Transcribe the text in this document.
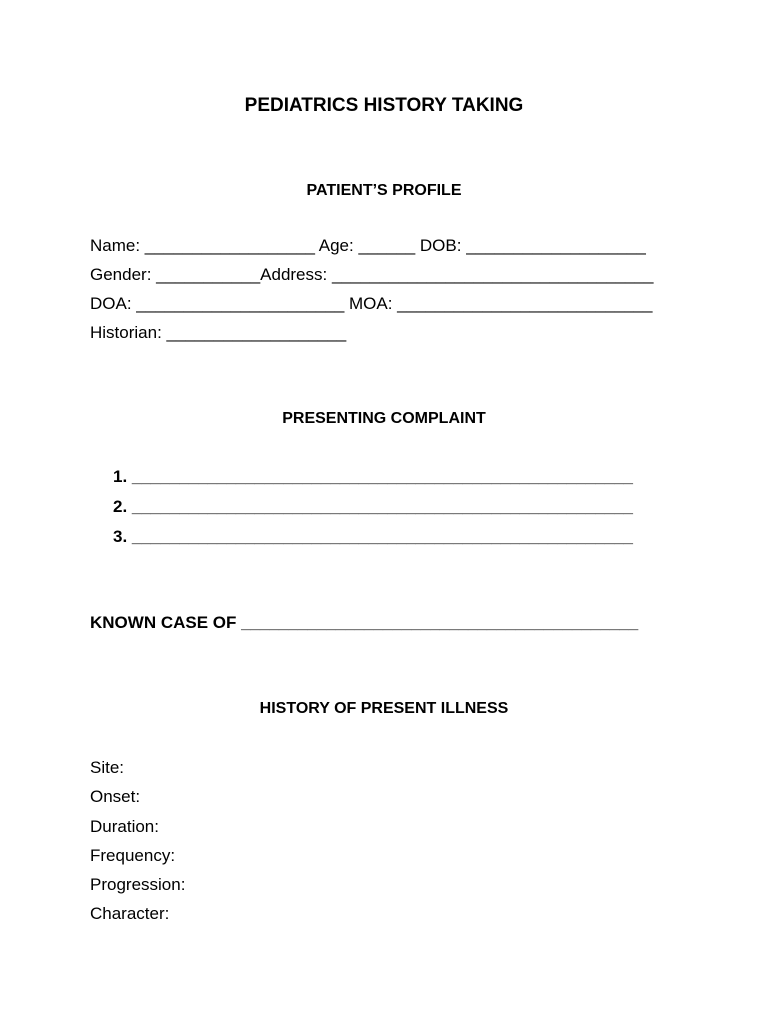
PEDIATRICS HISTORY TAKING
PATIENT’S PROFILE
Name: __________________ Age: ______ DOB: ___________________
Gender: ___________Address: __________________________________
DOA: ______________________ MOA: ___________________________
Historian: ___________________
PRESENTING COMPLAINT
1. _____________________________________________________
2. _____________________________________________________
3. _____________________________________________________
KNOWN CASE OF __________________________________________
HISTORY OF PRESENT ILLNESS
Site:
Onset:
Duration:
Frequency:
Progression:
Character:
